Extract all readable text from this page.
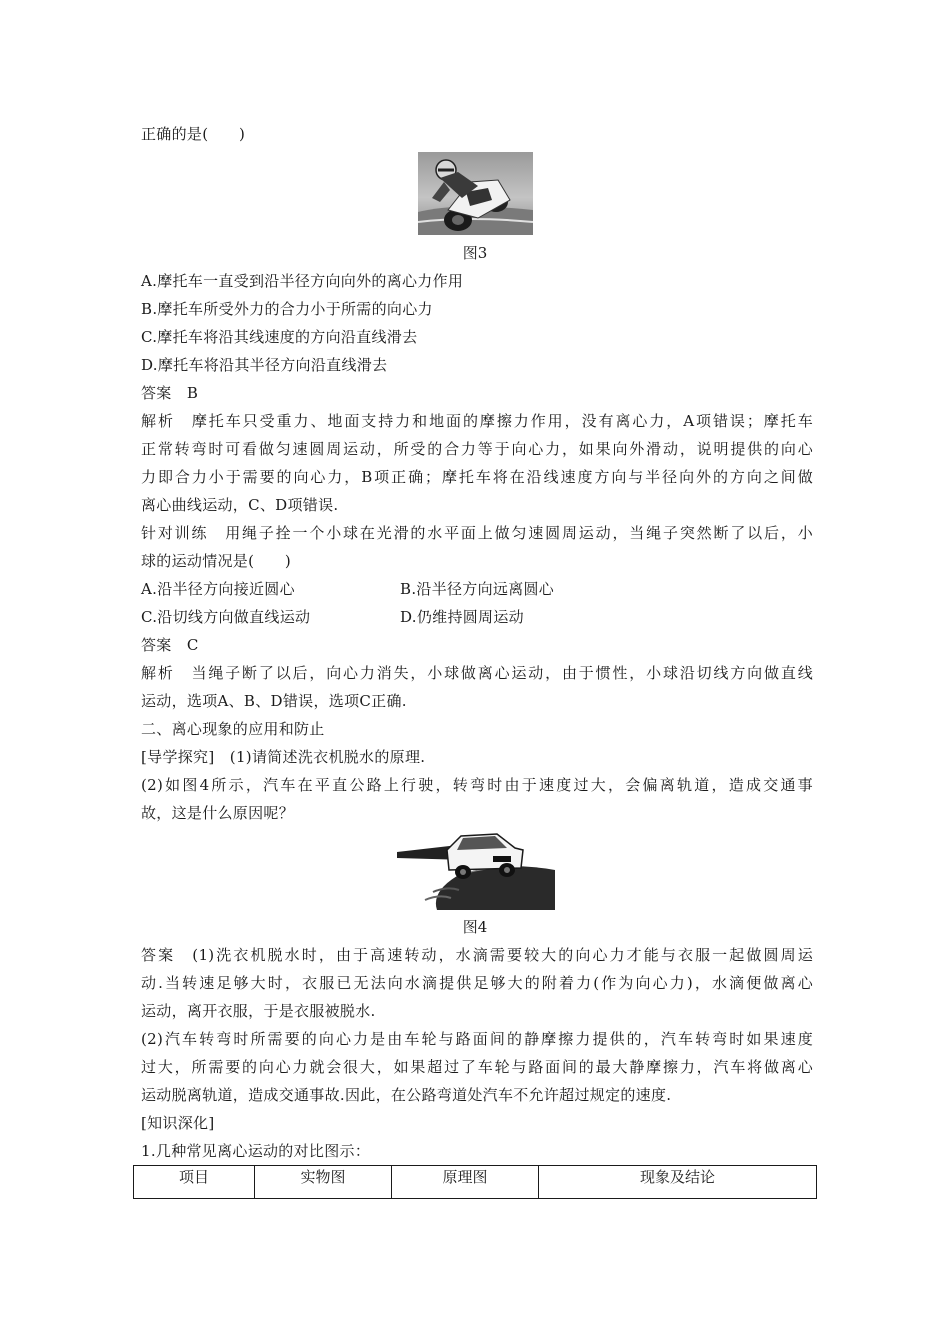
正确的是(　　)
图3
A.摩托车一直受到沿半径方向向外的离心力作用
B.摩托车所受外力的合力小于所需的向心力
C.摩托车将沿其线速度的方向沿直线滑去
D.摩托车将沿其半径方向沿直线滑去
答案　B
解析　摩托车只受重力、地面支持力和地面的摩擦力作用，没有离心力，A项错误；摩托车
正常转弯时可看做匀速圆周运动，所受的合力等于向心力，如果向外滑动，说明提供的向心
力即合力小于需要的向心力，B项正确；摩托车将在沿线速度方向与半径向外的方向之间做
离心曲线运动，C、D项错误.
针对训练　用绳子拴一个小球在光滑的水平面上做匀速圆周运动，当绳子突然断了以后，小
球的运动情况是(　　)
A.沿半径方向接近圆心	B.沿半径方向远离圆心
C.沿切线方向做直线运动	D.仍维持圆周运动
答案　C
解析　当绳子断了以后，向心力消失，小球做离心运动，由于惯性，小球沿切线方向做直线
运动，选项A、B、D错误，选项C正确.
二、离心现象的应用和防止
[导学探究]　(1)请简述洗衣机脱水的原理.
(2)如图4所示，汽车在平直公路上行驶，转弯时由于速度过大，会偏离轨道，造成交通事
故，这是什么原因呢？
图4
答案　(1)洗衣机脱水时，由于高速转动，水滴需要较大的向心力才能与衣服一起做圆周运
动.当转速足够大时，衣服已无法向水滴提供足够大的附着力(作为向心力)，水滴便做离心
运动，离开衣服，于是衣服被脱水.
(2)汽车转弯时所需要的向心力是由车轮与路面间的静摩擦力提供的，汽车转弯时如果速度
过大，所需要的向心力就会很大，如果超过了车轮与路面间的最大静摩擦力，汽车将做离心
运动脱离轨道，造成交通事故.因此，在公路弯道处汽车不允许超过规定的速度.
[知识深化]
1.几种常见离心运动的对比图示：
项目	实物图	原理图	现象及结论
